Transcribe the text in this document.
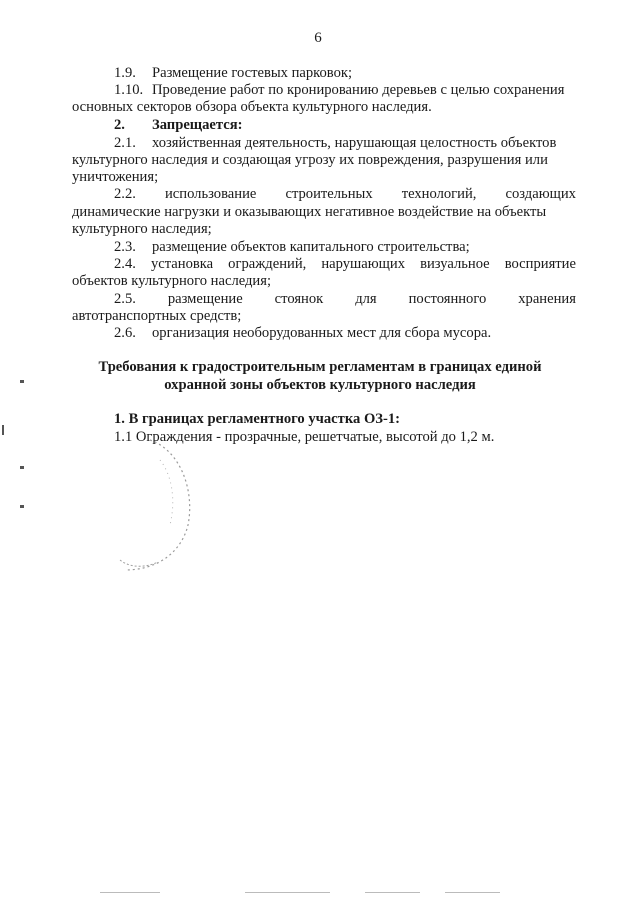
6
1.9. Размещение гостевых парковок;
1.10. Проведение работ по кронированию деревьев с целью сохранения
основных секторов обзора объекта культурного наследия.
2. Запрещается:
2.1. хозяйственная деятельность, нарушающая целостность объектов
культурного наследия и создающая угрозу их повреждения, разрушения или
уничтожения;
2.2. использование строительных технологий, создающих
динамические нагрузки и оказывающих негативное воздействие на объекты
культурного наследия;
2.3. размещение объектов капитального строительства;
2.4. установка ограждений, нарушающих визуальное восприятие
объектов культурного наследия;
2.5. размещение стоянок для постоянного хранения
автотранспортных средств;
2.6. организация необорудованных мест для сбора мусора.
Требования к градостроительным регламентам в границах единой
охранной зоны объектов культурного наследия
1. В границах регламентного участка ОЗ-1:
1.1 Ограждения - прозрачные, решетчатые, высотой до 1,2 м.
